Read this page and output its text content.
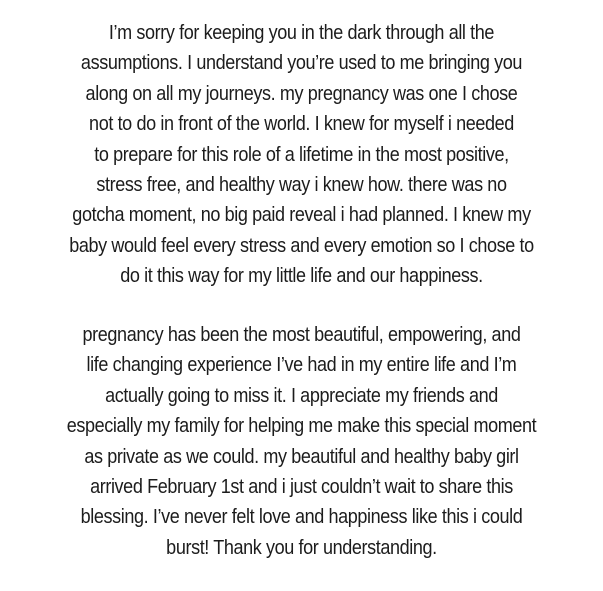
I’m sorry for keeping you in the dark through all the
assumptions. I understand you’re used to me bringing you
along on all my journeys. my pregnancy was one I chose
not to do in front of the world. I knew for myself i needed
to prepare for this role of a lifetime in the most positive,
stress free, and healthy way i knew how. there was no
gotcha moment, no big paid reveal i had planned. I knew my
baby would feel every stress and every emotion so I chose to
do it this way for my little life and our happiness.

pregnancy has been the most beautiful, empowering, and
life changing experience I’ve had in my entire life and I’m
actually going to miss it. I appreciate my friends and
especially my family for helping me make this special moment
as private as we could. my beautiful and healthy baby girl
arrived February 1st and i just couldn’t wait to share this
blessing. I’ve never felt love and happiness like this i could
burst! Thank you for understanding.
